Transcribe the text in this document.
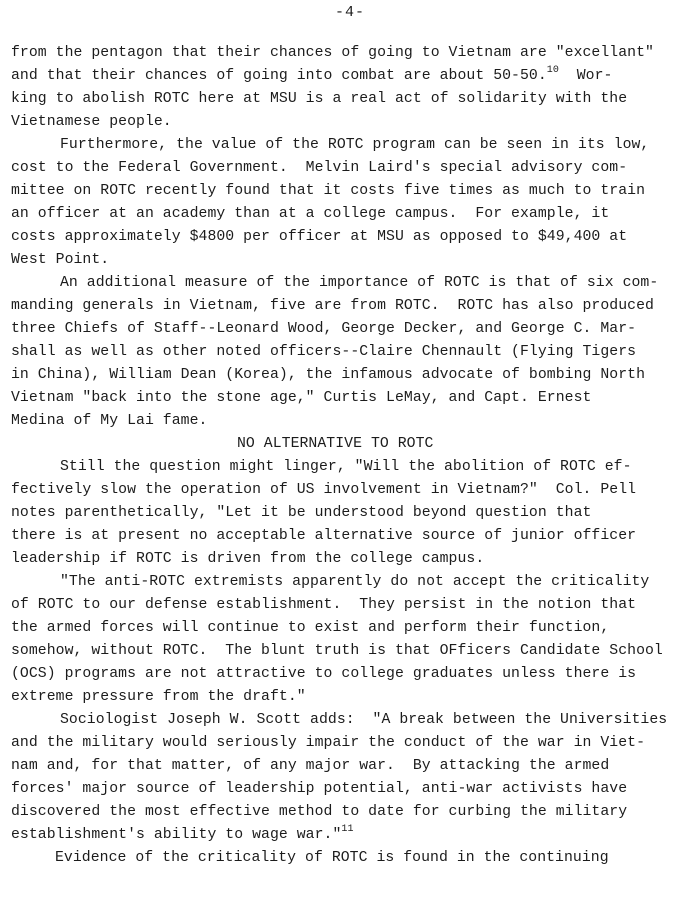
-4-
from the pentagon that their chances of going to Vietnam are "excellant"
and that their chances of going into combat are about 50-50.10  Wor-
king to abolish ROTC here at MSU is a real act of solidarity with the
Vietnamese people.
Furthermore, the value of the ROTC program can be seen in its low,
cost to the Federal Government.  Melvin Laird's special advisory com-
mittee on ROTC recently found that it costs five times as much to train
an officer at an academy than at a college campus.  For example, it
costs approximately $4800 per officer at MSU as opposed to $49,400 at
West Point.
An additional measure of the importance of ROTC is that of six com-
manding generals in Vietnam, five are from ROTC.  ROTC has also produced
three Chiefs of Staff--Leonard Wood, George Decker, and George C. Mar-
shall as well as other noted officers--Claire Chennault (Flying Tigers
in China), William Dean (Korea), the infamous advocate of bombing North
Vietnam "back into the stone age," Curtis LeMay, and Capt. Ernest
Medina of My Lai fame.
NO ALTERNATIVE TO ROTC
Still the question might linger, "Will the abolition of ROTC ef-
fectively slow the operation of US involvement in Vietnam?"  Col. Pell
notes parenthetically, "Let it be understood beyond question that
there is at present no acceptable alternative source of junior officer
leadership if ROTC is driven from the college campus.
"The anti-ROTC extremists apparently do not accept the criticality
of ROTC to our defense establishment.  They persist in the notion that
the armed forces will continue to exist and perform their function,
somehow, without ROTC.  The blunt truth is that OFficers Candidate School
(OCS) programs are not attractive to college graduates unless there is
extreme pressure from the draft."
Sociologist Joseph W. Scott adds:  "A break between the Universities
and the military would seriously impair the conduct of the war in Viet-
nam and, for that matter, of any major war.  By attacking the armed
forces' major source of leadership potential, anti-war activists have
discovered the most effective method to date for curbing the military
establishment's ability to wage war."$^{11}$
Evidence of the criticality of ROTC is found in the continuing
